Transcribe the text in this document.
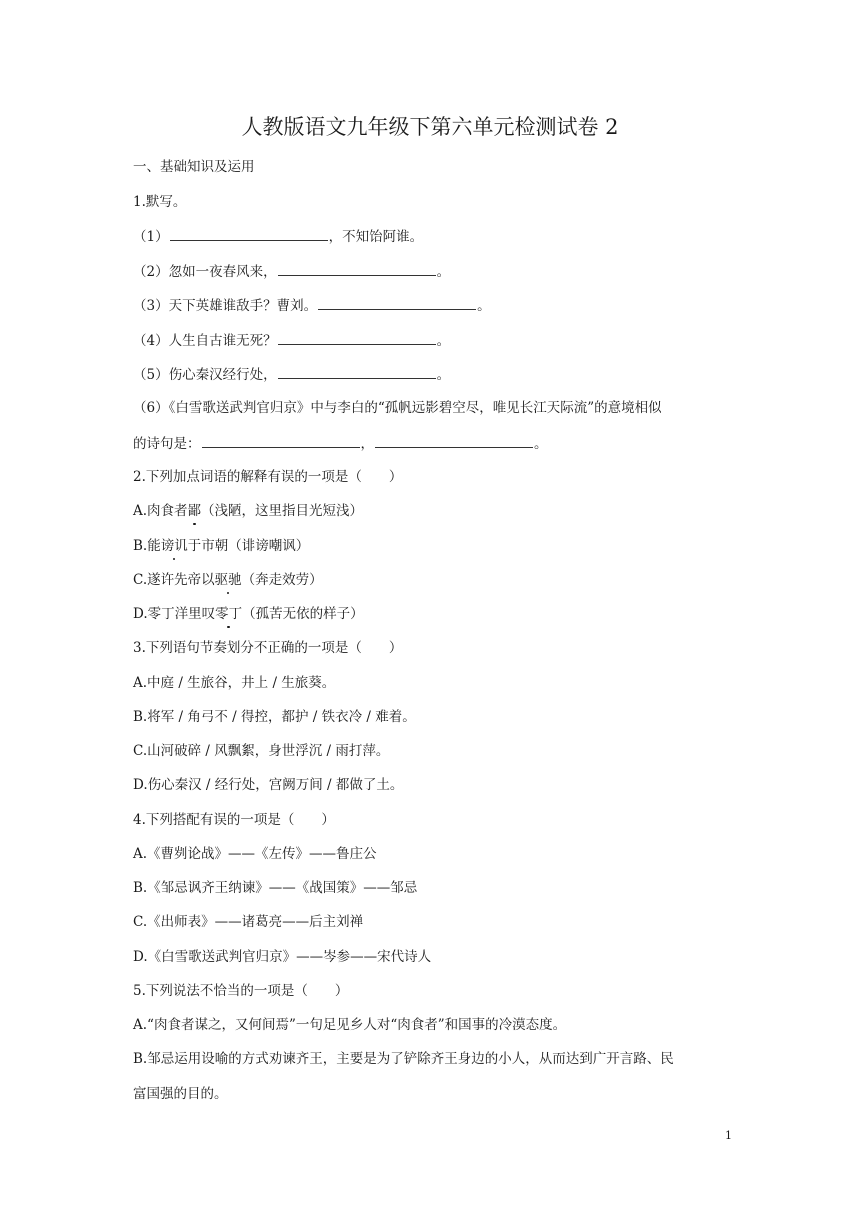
人教版语文九年级下第六单元检测试卷 2
一、基础知识及运用
1.默写。
（1）	，不知饴阿谁。
（2）忽如一夜春风来，	。
（3）天下英雄谁敌手？曹刘。	。
（4）人生自古谁无死？	。
（5）伤心秦汉经行处，	。
（6）《白雪歌送武判官归京》中与李白的“孤帆远影碧空尽，唯见长江天际流”的意境相似
的诗句是：	，	。
2.下列加点词语的解释有误的一项是（　　）
A.肉食者鄙（浅陋，这里指目光短浅）
B.能谤讥于市朝（诽谤嘲讽）
C.遂许先帝以驱驰（奔走效劳）
D.零丁洋里叹零丁（孤苦无依的样子）
3.下列语句节奏划分不正确的一项是（　　）
A.中庭 / 生旅谷，井上 / 生旅葵。
B.将军 / 角弓不 / 得控，都护 / 铁衣冷 / 难着。
C.山河破碎 / 风飘絮，身世浮沉 / 雨打萍。
D.伤心秦汉 / 经行处，宫阙万间 / 都做了土。
4.下列搭配有误的一项是（　　）
A.《曹刿论战》——《左传》——鲁庄公
B.《邹忌讽齐王纳谏》——《战国策》——邹忌
C.《出师表》——诸葛亮——后主刘禅
D.《白雪歌送武判官归京》——岑参——宋代诗人
5.下列说法不恰当的一项是（　　）
A.“肉食者谋之，又何间焉”一句足见乡人对“肉食者”和国事的冷漠态度。
B.邹忌运用设喻的方式劝谏齐王，主要是为了铲除齐王身边的小人，从而达到广开言路、民
富国强的目的。
1
